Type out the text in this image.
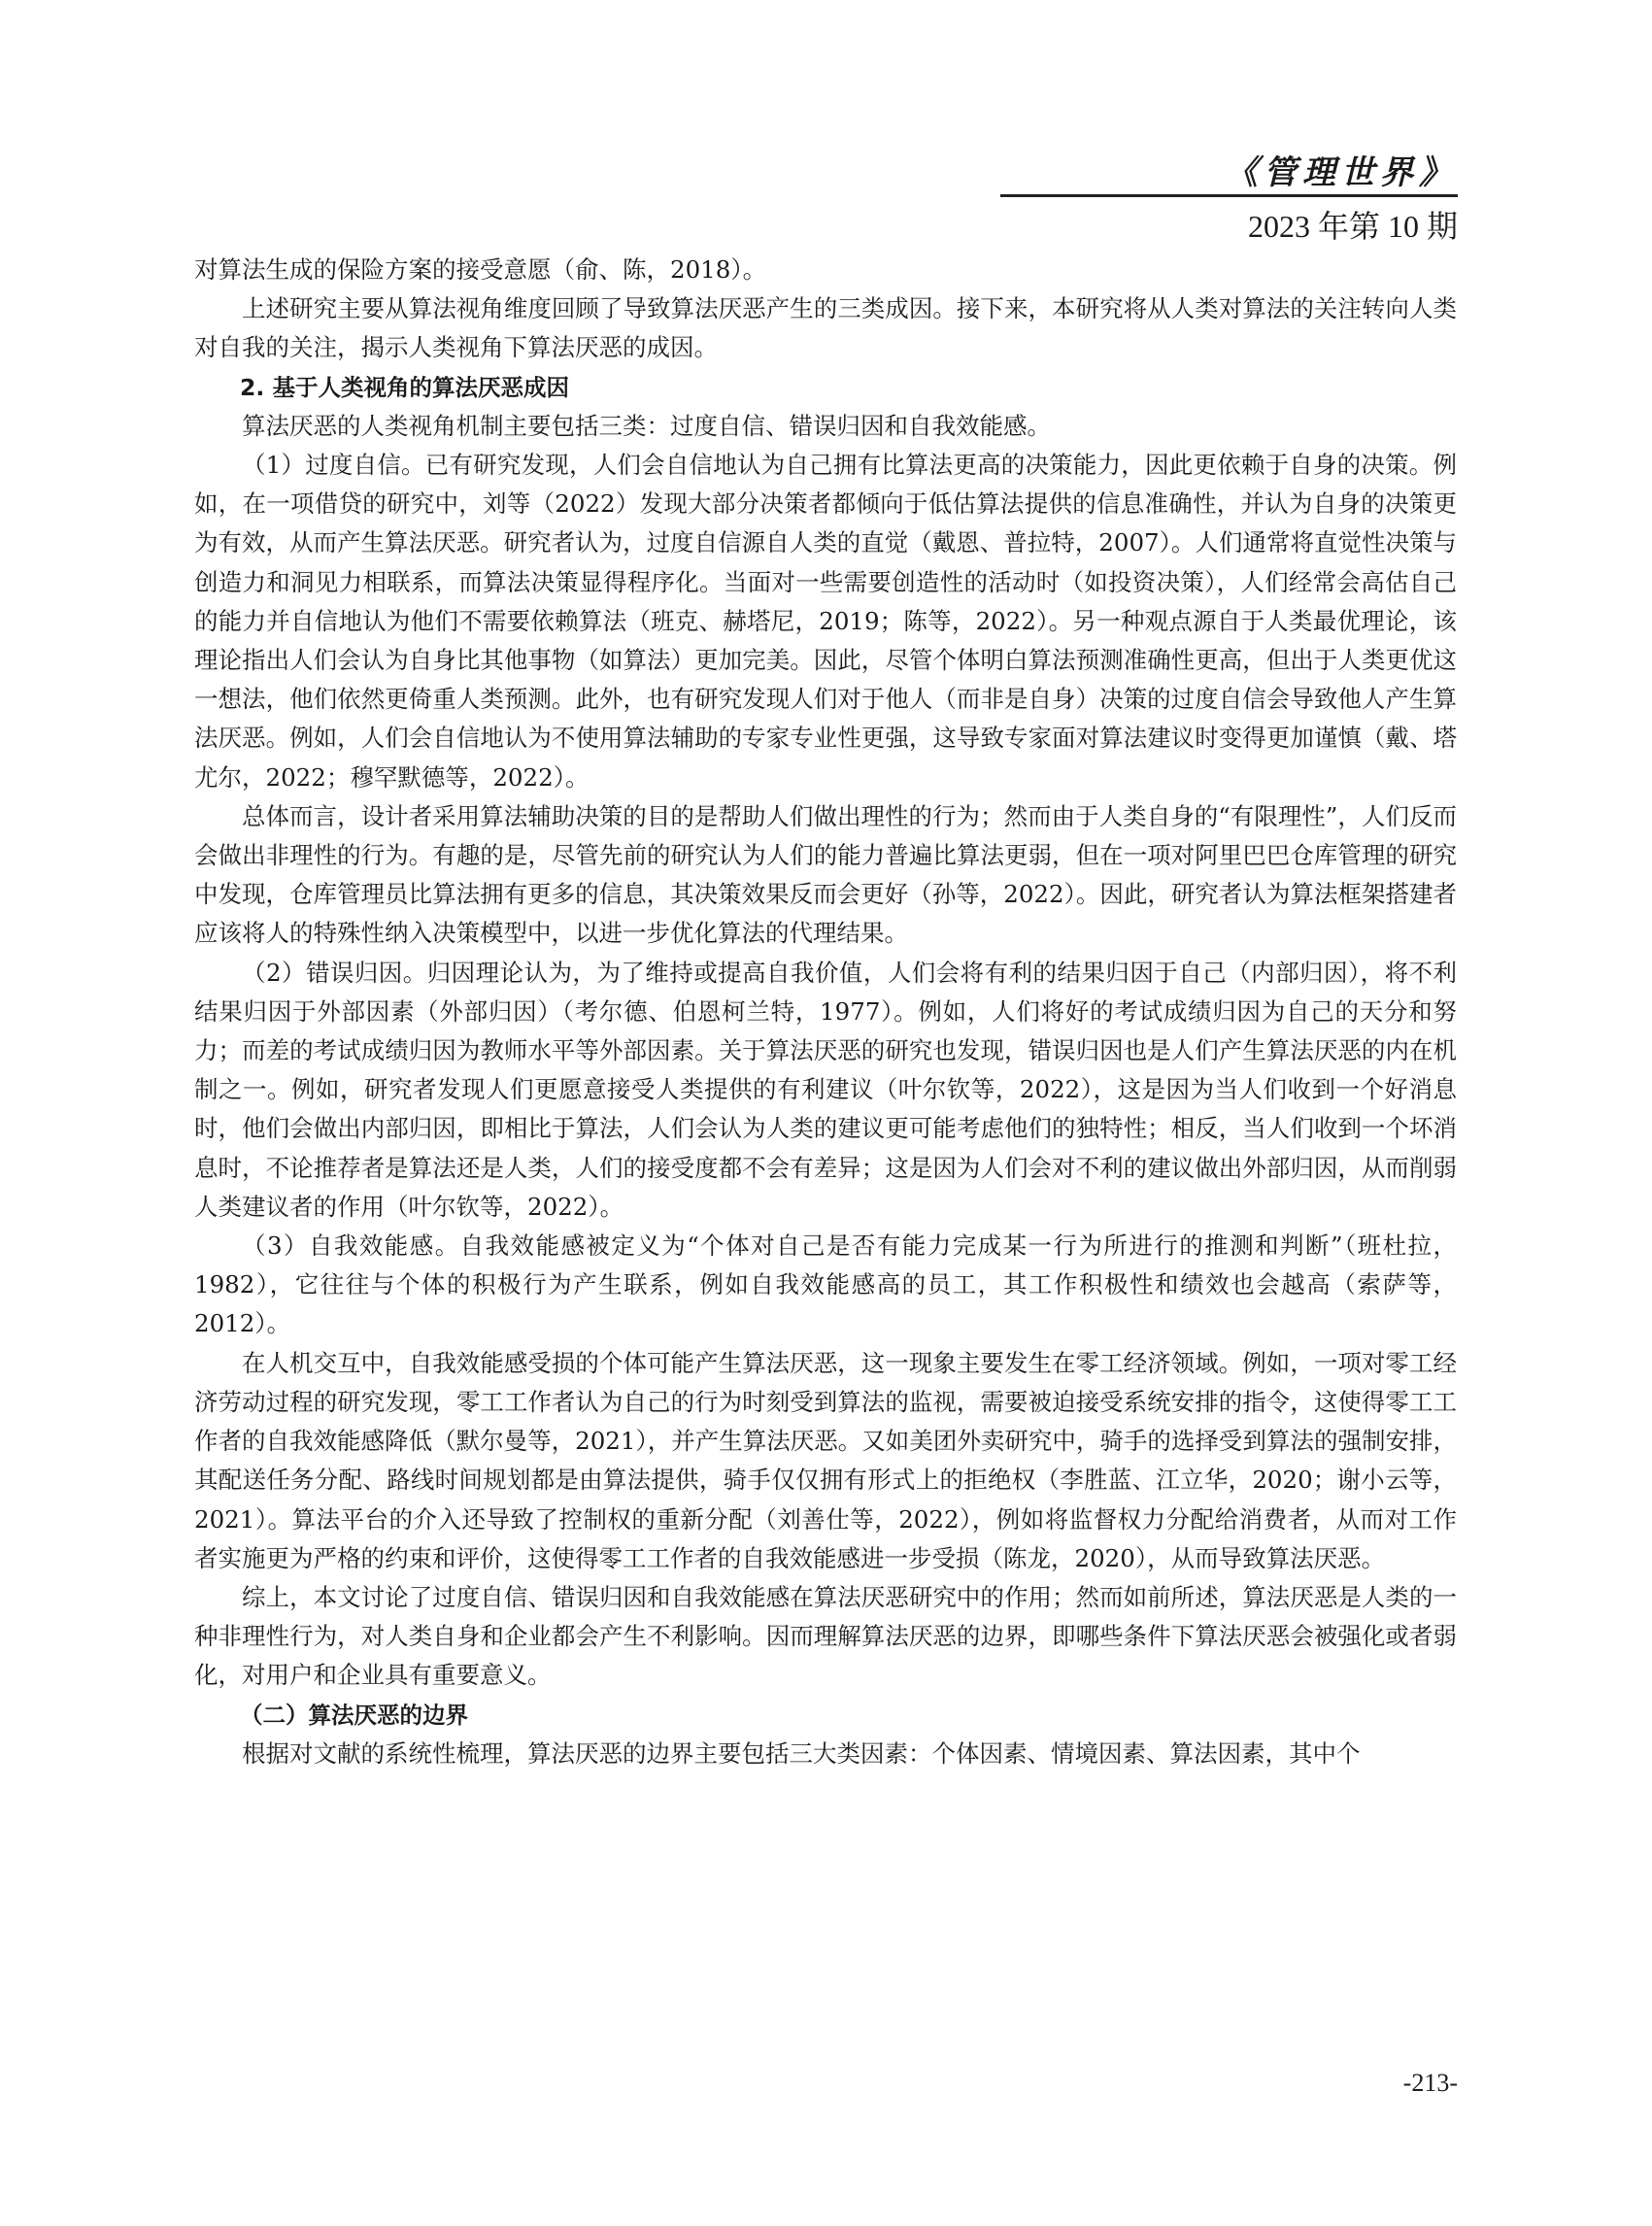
《管理世界》
2023 年第 10 期

对算法生成的保险方案的接受意愿（俞、陈，2018）。

上述研究主要从算法视角维度回顾了导致算法厌恶产生的三类成因。接下来，本研究将从人类对算法的关注转向人类对自我的关注，揭示人类视角下算法厌恶的成因。

2. 基于人类视角的算法厌恶成因

算法厌恶的人类视角机制主要包括三类：过度自信、错误归因和自我效能感。

（1）过度自信。已有研究发现，人们会自信地认为自己拥有比算法更高的决策能力，因此更依赖于自身的决策。例如，在一项借贷的研究中，刘等（2022）发现大部分决策者都倾向于低估算法提供的信息准确性，并认为自身的决策更为有效，从而产生算法厌恶。研究者认为，过度自信源自人类的直觉（戴恩、普拉特，2007）。人们通常将直觉性决策与创造力和洞见力相联系，而算法决策显得程序化。当面对一些需要创造性的活动时（如投资决策），人们经常会高估自己的能力并自信地认为他们不需要依赖算法（班克、赫塔尼，2019；陈等，2022）。另一种观点源自于人类最优理论，该理论指出人们会认为自身比其他事物（如算法）更加完美。因此，尽管个体明白算法预测准确性更高，但出于人类更优这一想法，他们依然更倚重人类预测。此外，也有研究发现人们对于他人（而非是自身）决策的过度自信会导致他人产生算法厌恶。例如，人们会自信地认为不使用算法辅助的专家专业性更强，这导致专家面对算法建议时变得更加谨慎（戴、塔尤尔，2022；穆罕默德等，2022）。

总体而言，设计者采用算法辅助决策的目的是帮助人们做出理性的行为；然而由于人类自身的“有限理性”，人们反而会做出非理性的行为。有趣的是，尽管先前的研究认为人们的能力普遍比算法更弱，但在一项对阿里巴巴仓库管理的研究中发现，仓库管理员比算法拥有更多的信息，其决策效果反而会更好（孙等，2022）。因此，研究者认为算法框架搭建者应该将人的特殊性纳入决策模型中，以进一步优化算法的代理结果。

（2）错误归因。归因理论认为，为了维持或提高自我价值，人们会将有利的结果归因于自己（内部归因），将不利结果归因于外部因素（外部归因）（考尔德、伯恩柯兰特，1977）。例如，人们将好的考试成绩归因为自己的天分和努力；而差的考试成绩归因为教师水平等外部因素。关于算法厌恶的研究也发现，错误归因也是人们产生算法厌恶的内在机制之一。例如，研究者发现人们更愿意接受人类提供的有利建议（叶尔钦等，2022），这是因为当人们收到一个好消息时，他们会做出内部归因，即相比于算法，人们会认为人类的建议更可能考虑他们的独特性；相反，当人们收到一个坏消息时，不论推荐者是算法还是人类，人们的接受度都不会有差异；这是因为人们会对不利的建议做出外部归因，从而削弱人类建议者的作用（叶尔钦等，2022）。

（3）自我效能感。自我效能感被定义为“个体对自己是否有能力完成某一行为所进行的推测和判断”（班杜拉，1982），它往往与个体的积极行为产生联系，例如自我效能感高的员工，其工作积极性和绩效也会越高（索萨等，2012）。

在人机交互中，自我效能感受损的个体可能产生算法厌恶，这一现象主要发生在零工经济领域。例如，一项对零工经济劳动过程的研究发现，零工工作者认为自己的行为时刻受到算法的监视，需要被迫接受系统安排的指令，这使得零工工作者的自我效能感降低（默尔曼等，2021），并产生算法厌恶。又如美团外卖研究中，骑手的选择受到算法的强制安排，其配送任务分配、路线时间规划都是由算法提供，骑手仅仅拥有形式上的拒绝权（李胜蓝、江立华，2020；谢小云等，2021）。算法平台的介入还导致了控制权的重新分配（刘善仕等，2022），例如将监督权力分配给消费者，从而对工作者实施更为严格的约束和评价，这使得零工工作者的自我效能感进一步受损（陈龙，2020），从而导致算法厌恶。

综上，本文讨论了过度自信、错误归因和自我效能感在算法厌恶研究中的作用；然而如前所述，算法厌恶是人类的一种非理性行为，对人类自身和企业都会产生不利影响。因而理解算法厌恶的边界，即哪些条件下算法厌恶会被强化或者弱化，对用户和企业具有重要意义。

（二）算法厌恶的边界

根据对文献的系统性梳理，算法厌恶的边界主要包括三大类因素：个体因素、情境因素、算法因素，其中个

-213-
